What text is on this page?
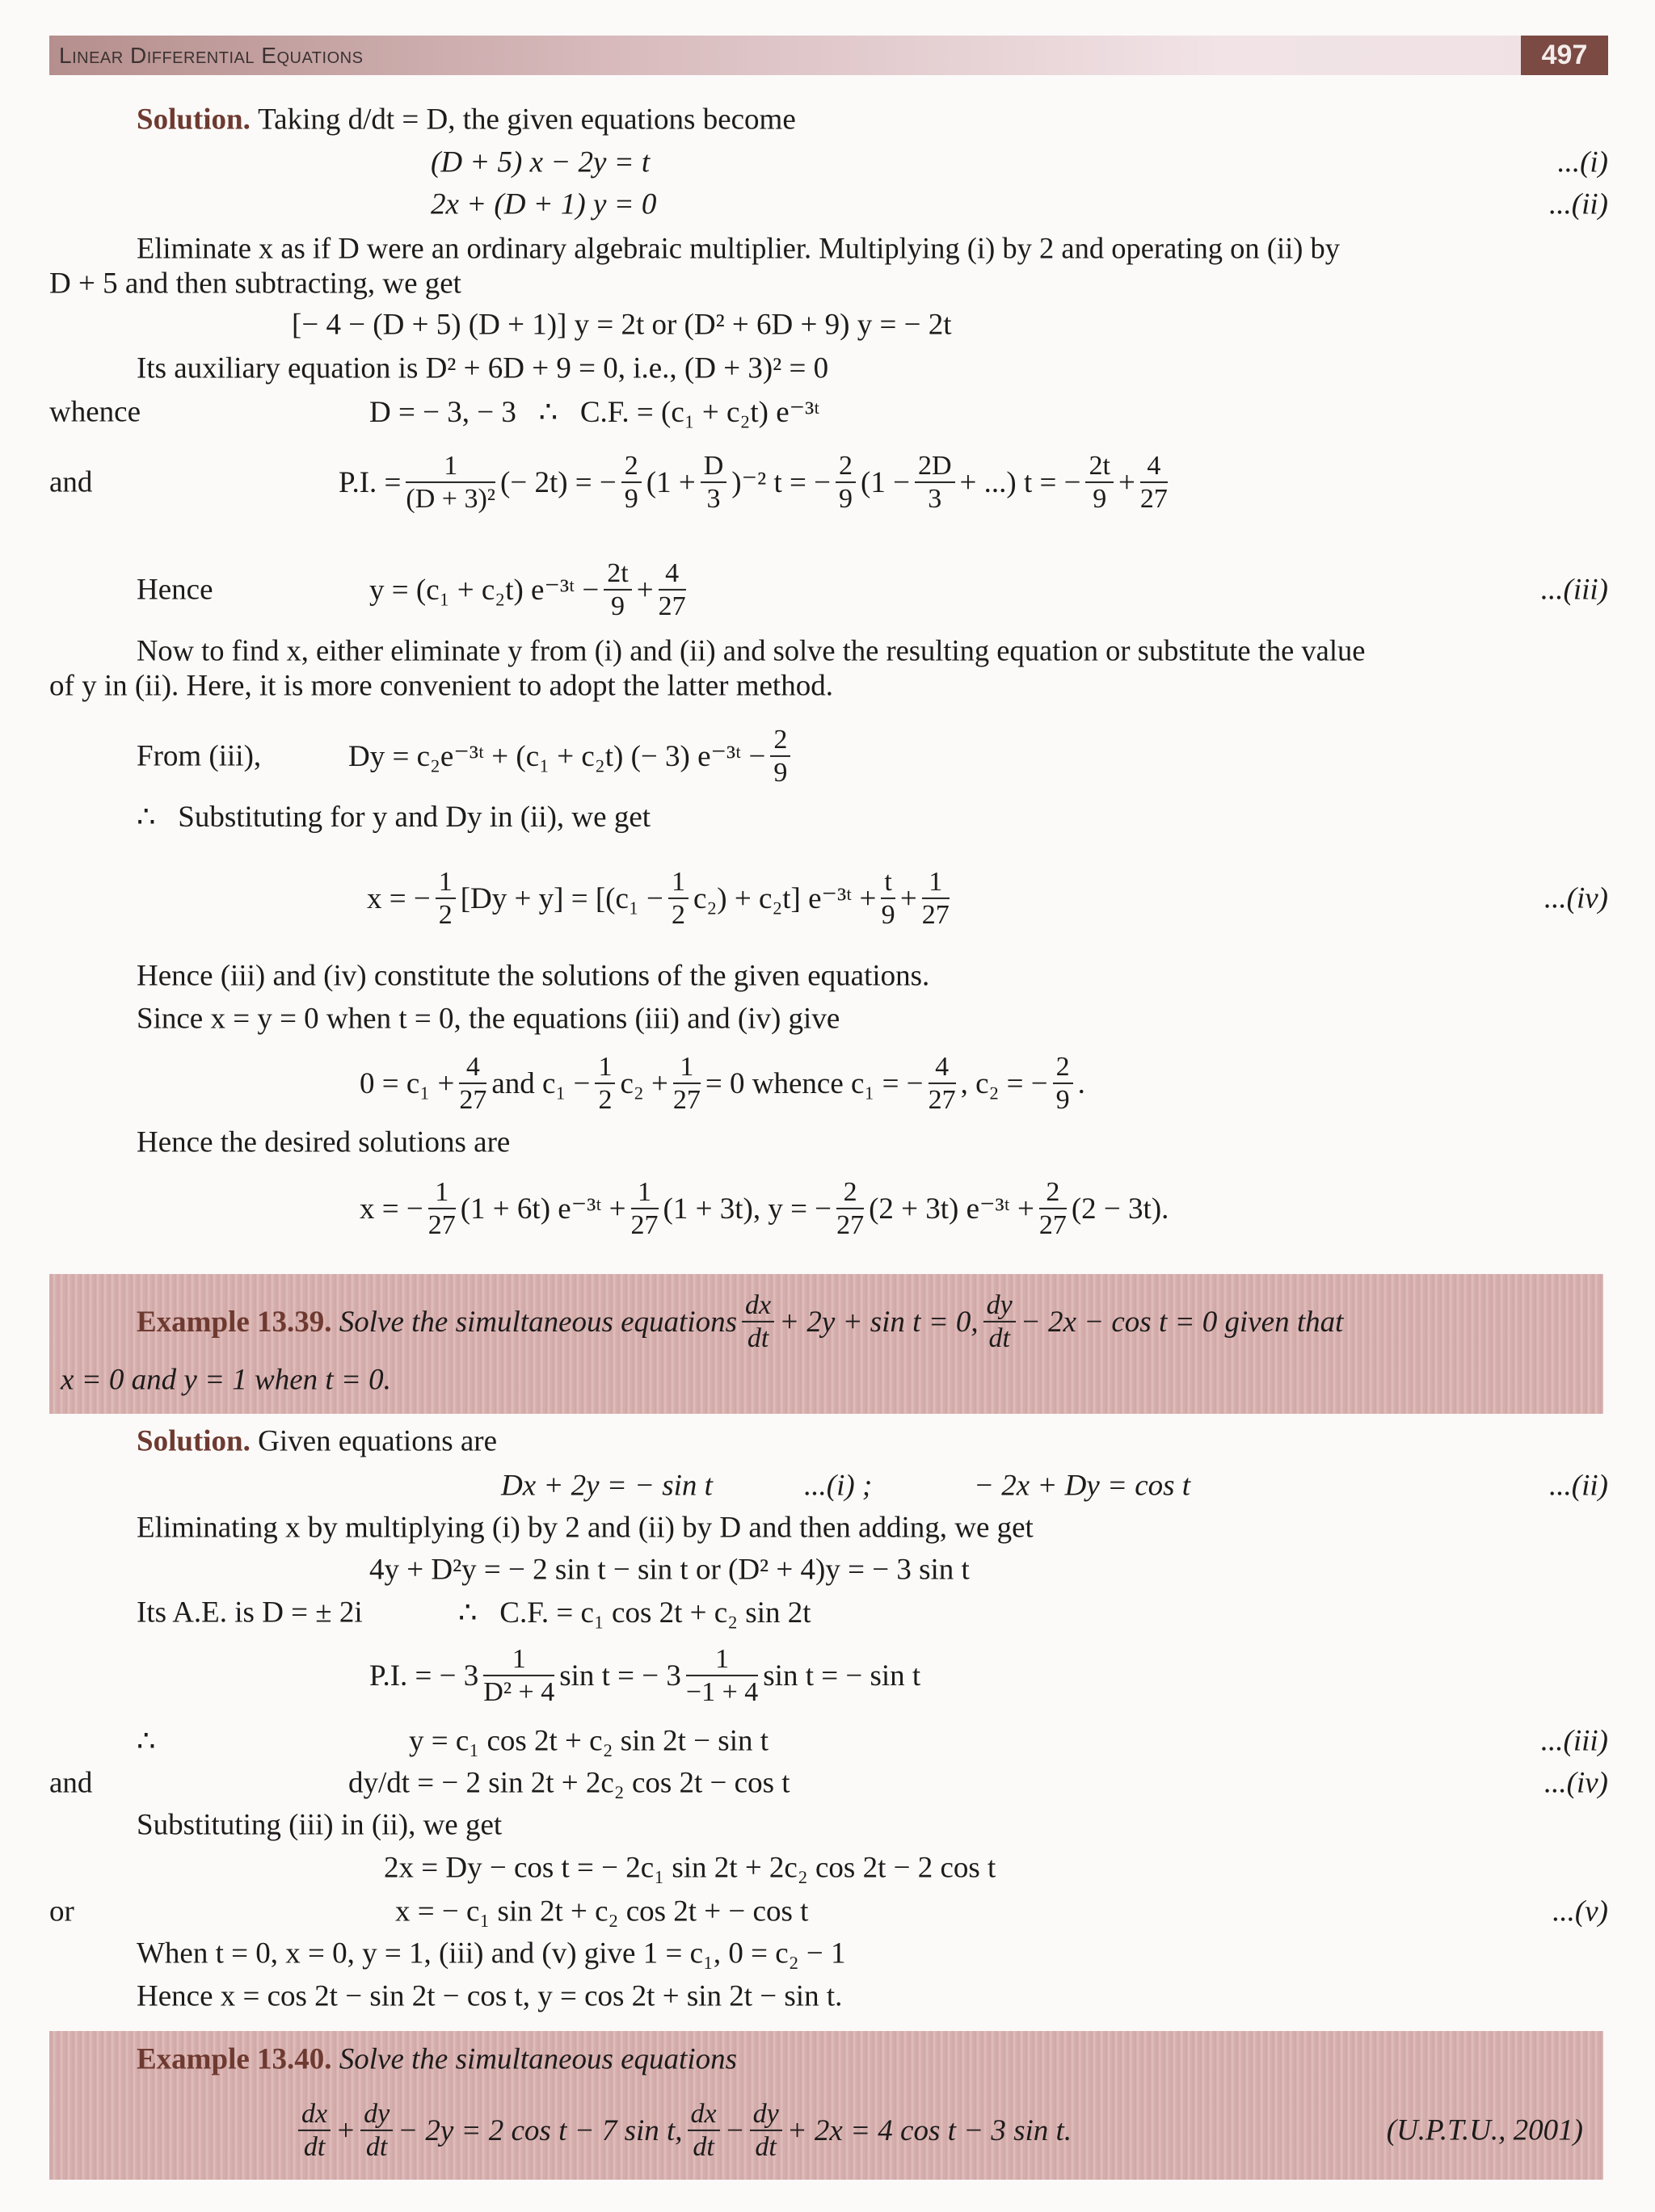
Linear Differential Equations	497
Solution.
Taking d/dt = D, the given equations become
(D + 5) x − 2y = t	...(i)
2x + (D + 1) y = 0	...(ii)
Eliminate x as if D were an ordinary algebraic multiplier. Multiplying (i) by 2 and operating on (ii) by
D + 5 and then subtracting, we get
[− 4 − (D + 5) (D + 1)] y = 2t or (D² + 6D + 9) y = − 2t
Its auxiliary equation is D² + 6D + 9 = 0, i.e., (D + 3)² = 0
whence	D = − 3, − 3   ∴   C.F. = (c₁ + c₂t) e⁻³ᵗ
and	P.I. = $\frac{1}{\text{(D + 3)²}}$ (− 2t) = − $\frac{2}{9} (1 + \frac{D}{3} )^{-2}$ t = − $\frac{2}{9} (1 - \frac{2D}{3}$ + ...) t = − $\frac{2t}{9} + \frac{4}{27}$
Hence	y = (c₁ + c₂t) e⁻³ᵗ − $\frac{2t}{9} + \frac{4}{27}$	...(iii)
Now to find x, either eliminate y from (i) and (ii) and solve the resulting equation or substitute the value
of y in (ii). Here, it is more convenient to adopt the latter method.
From (iii),	Dy = c₂e⁻³ᵗ + (c₁ + c₂t) (− 3) e⁻³ᵗ − $\frac{2}{9}$
∴   Substituting for y and Dy in (ii), we get
x = − $\frac{1}{2} [Dy + y]$ =
$[(c_1 - \frac{1}{2} c_2) + c_2t]$ e⁻³ᵗ + $\frac{t}{9} + \frac{1}{27}$	...(iv)
Hence (iii) and (iv) constitute the solutions of the given equations.
Since x = y = 0 when t = 0, the equations (iii) and (iv) give
$0 = c_1 + \frac{4}{27}$ and $c_1 - \frac{1}{2} c_2 + \frac{1}{27} = 0$ whence c₁ = − $\frac{4}{27}$ , c₂ = − $\frac{2}{9}$ .
Hence the desired solutions are
x = − $\frac{1}{27} (1 + 6t)$ e⁻³ᵗ + $\frac{1}{27} (1 + 3t)$, y = − $\frac{2}{27} (2 + 3t)$ e⁻³ᵗ + $\frac{2}{27} (2 - 3t)$.
Example 13.39.
Solve the simultaneous equations $\frac{dx}{dt} + 2y + \sin t = 0$, $\frac{dy}{dt} - 2x - \cos t = 0$ given that
x = 0 and y = 1 when t = 0.
Solution.
Given equations are
Dx + 2y = − sin t	...(i) ;	− 2x + Dy = cos t	...(ii)
Eliminating x by multiplying (i) by 2 and (ii) by D and then adding, we get
4y + D²y = − 2 sin t − sin t or (D² + 4)y = − 3 sin t
Its A.E. is D = ± 2i	∴   C.F. = c₁ cos 2t + c₂ sin 2t
P.I. = − $3 \frac{1}{\text{D² + 4}}$ sin t = − $3 \frac{1}{-1 + 4}$ sin t = − sin t
∴	y = c₁ cos 2t + c₂ sin 2t − sin t	...(iii)
and	dy/dt = − 2 sin 2t + 2c₂ cos 2t − cos t	...(iv)
Substituting (iii) in (ii), we get
2x = Dy − cos t = − 2c₁ sin 2t + 2c₂ cos 2t − 2 cos t
or	x = − c₁ sin 2t + c₂ cos 2t + − cos t	...(v)
When t = 0, x = 0, y = 1, (iii) and (v) give 1 = c₁, 0 = c₂ − 1
Hence x = cos 2t − sin 2t − cos t, y = cos 2t + sin 2t − sin t.
Example 13.40.
Solve the simultaneous equations
$\frac{dx}{dt} + \frac{dy}{dt} - 2y = 2$ cos t − 7 sin t, $\frac{dx}{dt} - \frac{dy}{dt} + 2x = 4$ cos t − 3 sin t.	(U.P.T.U., 2001)
